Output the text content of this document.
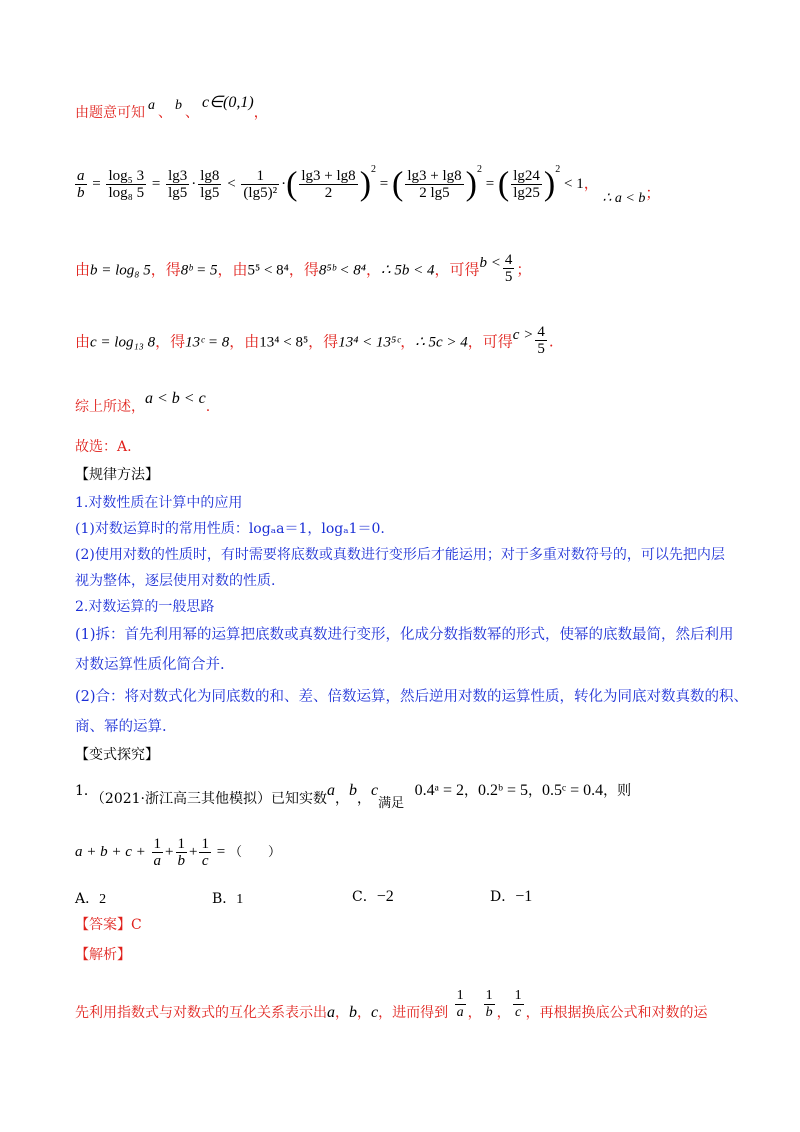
由题意可知 a 、 b 、c∈(0,1)，
$\frac{a}{b} = \frac{\text{log₅ 3}}{\text{log₈ 5}} = \frac{\lg 3}{\lg 5} \cdot \frac{\lg 8}{\lg 5} < \frac{1}{\text{(lg5)²}}$ ·( $\frac{\lg 3 + \lg 8}{2} )^2$ = ( $\frac{\lg 3 + \lg 8}{2 \lg 5} )^2$ = ( $\frac{\lg 24}{\lg 25} )^2 < 1$， ∴ a < b；
由b = log₈ 5，得8ᵇ = 5，由5⁵ < 8⁴，得8⁵ᵇ < 8⁴，∴ 5b < 4，可得$b < \frac{4}{5}$ ；
由c = log₁₃ 8，得13ᶜ = 8，由13⁴ < 8⁵，得13⁴ < 13⁵ᶜ，∴ 5c > 4，可得$c > \frac{4}{5}$ .
综上所述，a < b < c.
故选：A.
【规律方法】
1.对数性质在计算中的应用
(1)对数运算时的常用性质：logₐa＝1，logₐ1＝0.
(2)使用对数的性质时，有时需要将底数或真数进行变形后才能运用；对于多重对数符号的，可以先把内层
视为整体，逐层使用对数的性质.
2.对数运算的一般思路
(1)拆：首先利用幂的运算把底数或真数进行变形，化成分数指数幂的形式，使幂的底数最简，然后利用
对数运算性质化简合并.
(2)合：将对数式化为同底数的和、差、倍数运算，然后逆用对数的运算性质，转化为同底对数真数的积、
商、幂的运算.
【变式探究】
1．（2021·浙江高三其他模拟）已知实数a，b，c满足 0.4ᵃ = 2，0.2ᵇ = 5，0.5ᶜ = 0.4，则
$a + b + c + \frac{1}{a} + \frac{1}{b} + \frac{1}{c}$ = （　　）
A．2	B．1	C．−2	D．−1
【答案】C
【解析】
先利用指数式与对数式的互化关系表示出a，b，c，进而得到 $\frac{1}{a}$ ， $\frac{1}{b}$ ， $\frac{1}{c}$ ，再根据换底公式和对数的运
